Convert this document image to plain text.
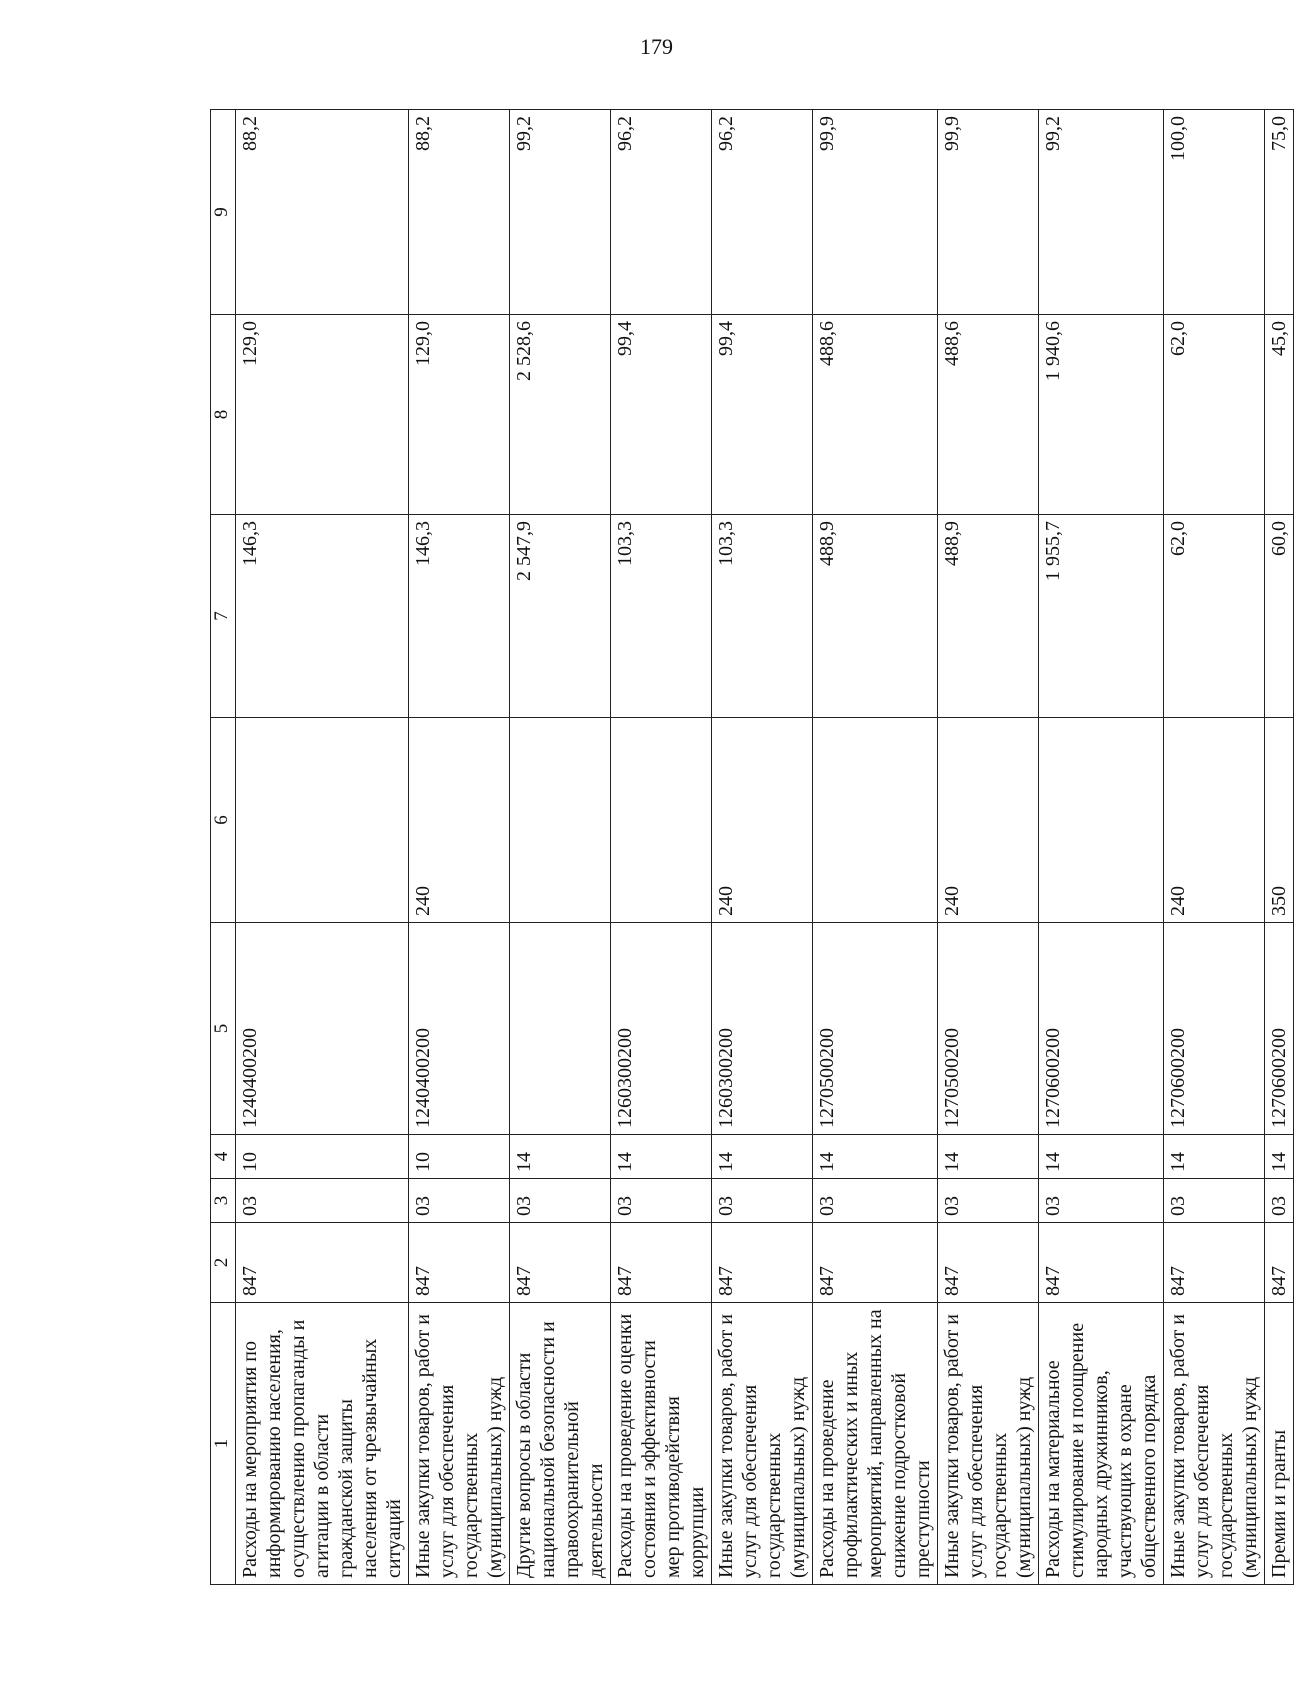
179
1	2	3	4	5	6	7	8	9
Расходы на мероприятия по информированию населения, осуществлению пропаганды и агитации в области гражданской защиты населения от чрезвычайных ситуаций	847	03	10	1240400200		146,3	129,0	88,2
Иные закупки товаров, работ и услуг для обеспечения государственных (муниципальных) нужд	847	03	10	1240400200	240	146,3	129,0	88,2
Другие вопросы в области национальной безопасности и правоохранительной деятельности	847	03	14			2 547,9	2 528,6	99,2
Расходы на проведение оценки состояния и эффективности мер противодействия коррупции	847	03	14	1260300200		103,3	99,4	96,2
Иные закупки товаров, работ и услуг для обеспечения государственных (муниципальных) нужд	847	03	14	1260300200	240	103,3	99,4	96,2
Расходы на проведение профилактических и иных мероприятий, направленных на снижение подростковой преступности	847	03	14	1270500200		488,9	488,6	99,9
Иные закупки товаров, работ и услуг для обеспечения государственных (муниципальных) нужд	847	03	14	1270500200	240	488,9	488,6	99,9
Расходы на материальное стимулирование и поощрение народных дружинников, участвующих в охране общественного порядка	847	03	14	1270600200		1 955,7	1 940,6	99,2
Иные закупки товаров, работ и услуг для обеспечения государственных (муниципальных) нужд	847	03	14	1270600200	240	62,0	62,0	100,0
Премии и гранты	847	03	14	1270600200	350	60,0	45,0	75,0
